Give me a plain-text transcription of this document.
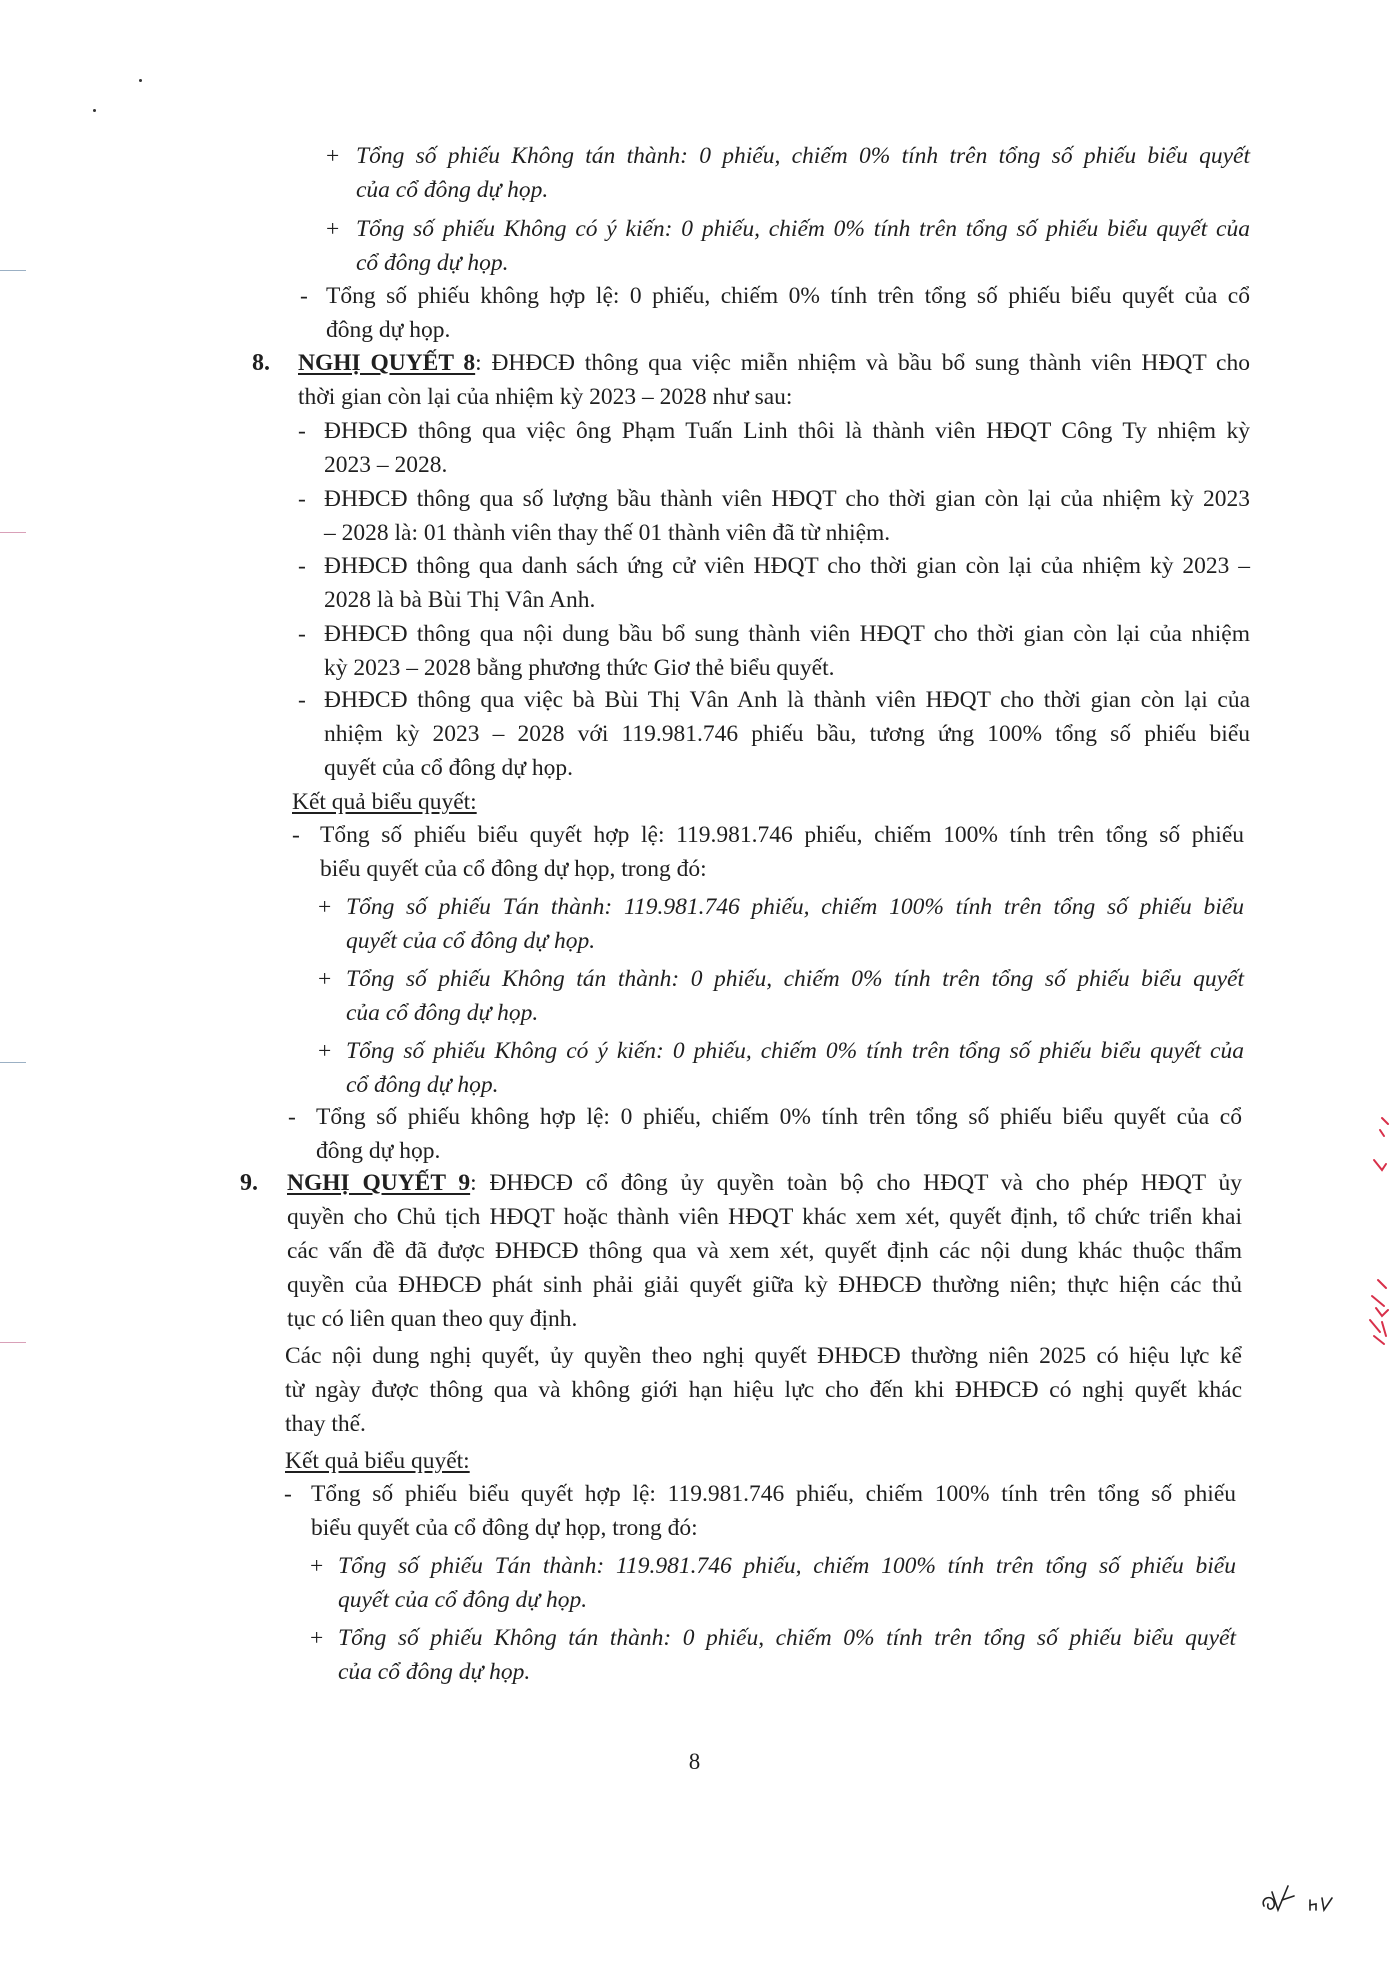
+ Tổng số phiếu Không tán thành: 0 phiếu, chiếm 0% tính trên tổng số phiếu biểu quyết
của cổ đông dự họp.
+ Tổng số phiếu Không có ý kiến: 0 phiếu, chiếm 0% tính trên tổng số phiếu biểu quyết của
cổ đông dự họp.
- Tổng số phiếu không hợp lệ: 0 phiếu, chiếm 0% tính trên tổng số phiếu biểu quyết của cổ
đông dự họp.
8. NGHỊ QUYẾT 8: ĐHĐCĐ thông qua việc miễn nhiệm và bầu bổ sung thành viên HĐQT cho
thời gian còn lại của nhiệm kỳ 2023 – 2028 như sau:
- ĐHĐCĐ thông qua việc ông Phạm Tuấn Linh thôi là thành viên HĐQT Công Ty nhiệm kỳ
2023 – 2028.
- ĐHĐCĐ thông qua số lượng bầu thành viên HĐQT cho thời gian còn lại của nhiệm kỳ 2023
– 2028 là: 01 thành viên thay thế 01 thành viên đã từ nhiệm.
- ĐHĐCĐ thông qua danh sách ứng cử viên HĐQT cho thời gian còn lại của nhiệm kỳ 2023 –
2028 là bà Bùi Thị Vân Anh.
- ĐHĐCĐ thông qua nội dung bầu bổ sung thành viên HĐQT cho thời gian còn lại của nhiệm
kỳ 2023 – 2028 bằng phương thức Giơ thẻ biểu quyết.
- ĐHĐCĐ thông qua việc bà Bùi Thị Vân Anh là thành viên HĐQT cho thời gian còn lại của
nhiệm kỳ 2023 – 2028 với 119.981.746 phiếu bầu, tương ứng 100% tổng số phiếu biểu
quyết của cổ đông dự họp.
Kết quả biểu quyết:
- Tổng số phiếu biểu quyết hợp lệ: 119.981.746 phiếu, chiếm 100% tính trên tổng số phiếu
biểu quyết của cổ đông dự họp, trong đó:
+ Tổng số phiếu Tán thành: 119.981.746 phiếu, chiếm 100% tính trên tổng số phiếu biểu
quyết của cổ đông dự họp.
+ Tổng số phiếu Không tán thành: 0 phiếu, chiếm 0% tính trên tổng số phiếu biểu quyết
của cổ đông dự họp.
+ Tổng số phiếu Không có ý kiến: 0 phiếu, chiếm 0% tính trên tổng số phiếu biểu quyết của
cổ đông dự họp.
- Tổng số phiếu không hợp lệ: 0 phiếu, chiếm 0% tính trên tổng số phiếu biểu quyết của cổ
đông dự họp.
9. NGHỊ QUYẾT 9: ĐHĐCĐ cổ đông ủy quyền toàn bộ cho HĐQT và cho phép HĐQT ủy
quyền cho Chủ tịch HĐQT hoặc thành viên HĐQT khác xem xét, quyết định, tổ chức triển khai
các vấn đề đã được ĐHĐCĐ thông qua và xem xét, quyết định các nội dung khác thuộc thẩm
quyền của ĐHĐCĐ phát sinh phải giải quyết giữa kỳ ĐHĐCĐ thường niên; thực hiện các thủ
tục có liên quan theo quy định.
Các nội dung nghị quyết, ủy quyền theo nghị quyết ĐHĐCĐ thường niên 2025 có hiệu lực kể
từ ngày được thông qua và không giới hạn hiệu lực cho đến khi ĐHĐCĐ có nghị quyết khác
thay thế.
Kết quả biểu quyết:
- Tổng số phiếu biểu quyết hợp lệ: 119.981.746 phiếu, chiếm 100% tính trên tổng số phiếu
biểu quyết của cổ đông dự họp, trong đó:
+ Tổng số phiếu Tán thành: 119.981.746 phiếu, chiếm 100% tính trên tổng số phiếu biểu
quyết của cổ đông dự họp.
+ Tổng số phiếu Không tán thành: 0 phiếu, chiếm 0% tính trên tổng số phiếu biểu quyết
của cổ đông dự họp.
8
